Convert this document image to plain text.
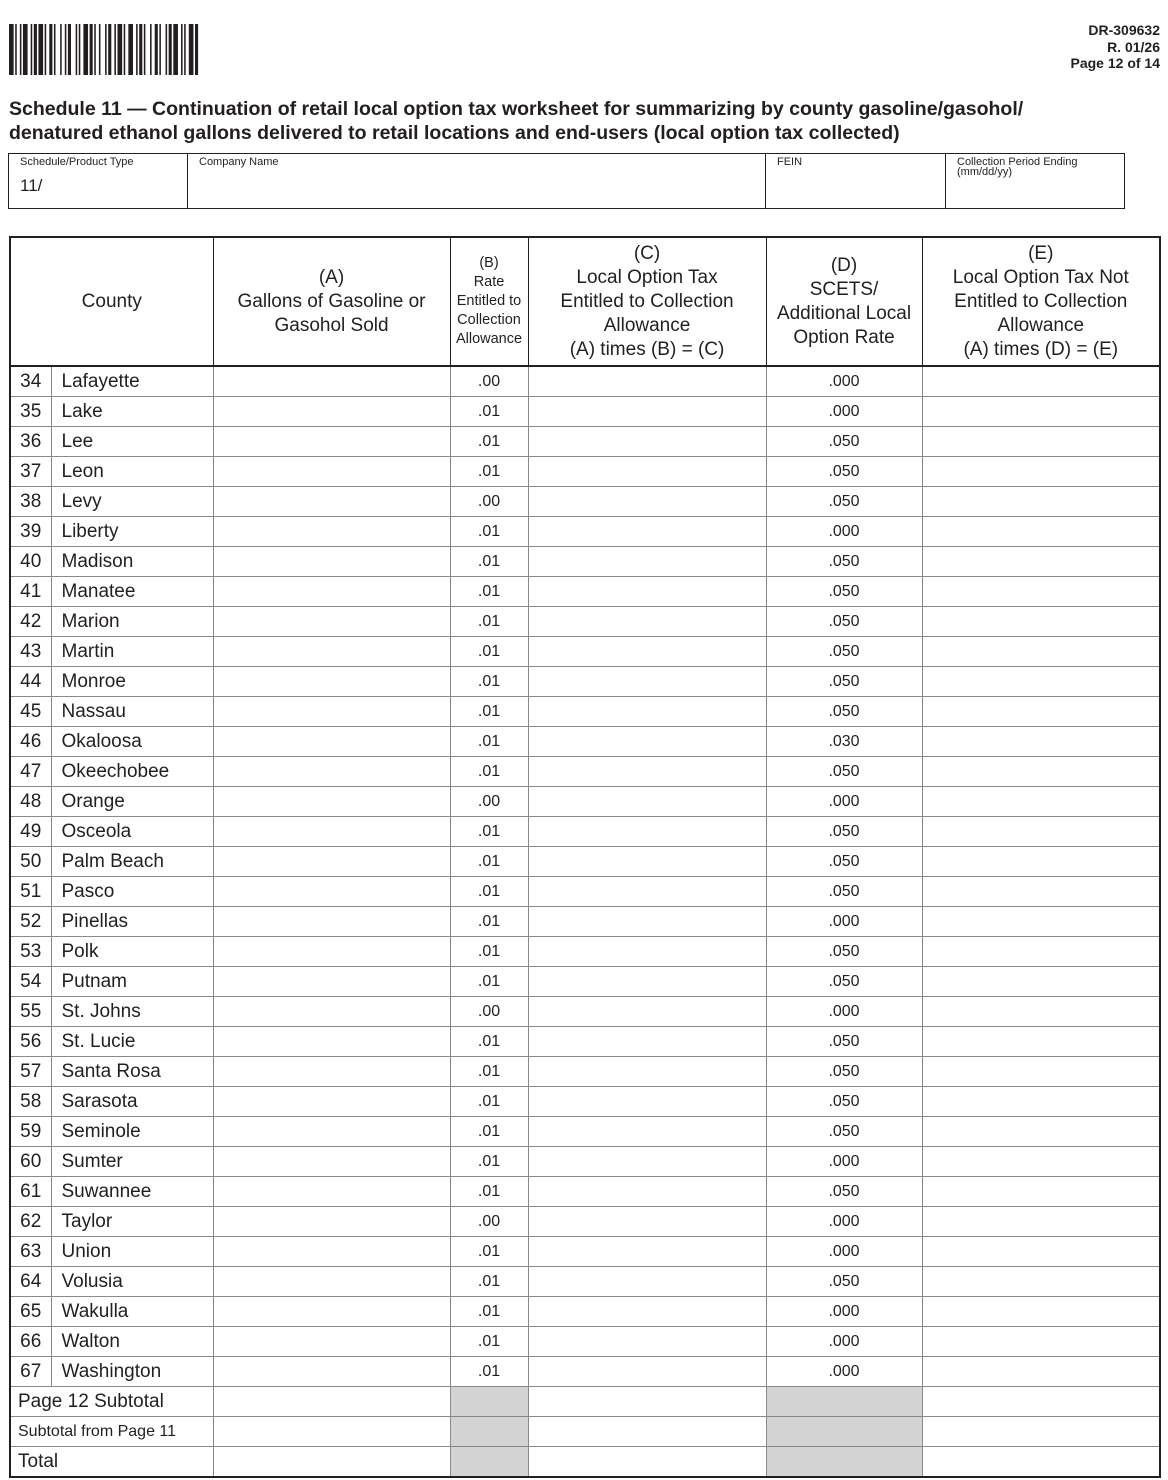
DR-309632
R. 01/26
Page 12 of 14
Schedule 11 — Continuation of retail local option tax worksheet for summarizing by county gasoline/gasohol/
denatured ethanol gallons delivered to retail locations and end-users (local option tax collected)
Schedule/Product Type
11/
Company Name	FEIN	Collection Period Ending
(mm/dd/yy)
County		(A)
Gallons of Gasoline or
Gasohol Sold	(B)
Rate
Entitled to
Collection
Allowance	(C)
Local Option Tax
Entitled to Collection
Allowance
(A) times (B) = (C)	(D)
SCETS/
Additional Local
Option Rate	(E)
Local Option Tax Not
Entitled to Collection
Allowance
(A) times (D) = (E)
34	Lafayette		.00		.000	
35	Lake		.01		.000	
36	Lee		.01		.050	
37	Leon		.01		.050	
38	Levy		.00		.050	
39	Liberty		.01		.000	
40	Madison		.01		.050	
41	Manatee		.01		.050	
42	Marion		.01		.050	
43	Martin		.01		.050	
44	Monroe		.01		.050	
45	Nassau		.01		.050	
46	Okaloosa		.01		.030	
47	Okeechobee		.01		.050	
48	Orange		.00		.000	
49	Osceola		.01		.050	
50	Palm Beach		.01		.050	
51	Pasco		.01		.050	
52	Pinellas		.01		.000	
53	Polk		.01		.050	
54	Putnam		.01		.050	
55	St. Johns		.00		.000	
56	St. Lucie		.01		.050	
57	Santa Rosa		.01		.050	
58	Sarasota		.01		.050	
59	Seminole		.01		.050	
60	Sumter		.01		.000	
61	Suwannee		.01		.050	
62	Taylor		.00		.000	
63	Union		.01		.000	
64	Volusia		.01		.050	
65	Wakulla		.01		.000	
66	Walton		.01		.000	
67	Washington		.01		.000	
Page 12 Subtotal						
Subtotal from Page 11						
Total						
